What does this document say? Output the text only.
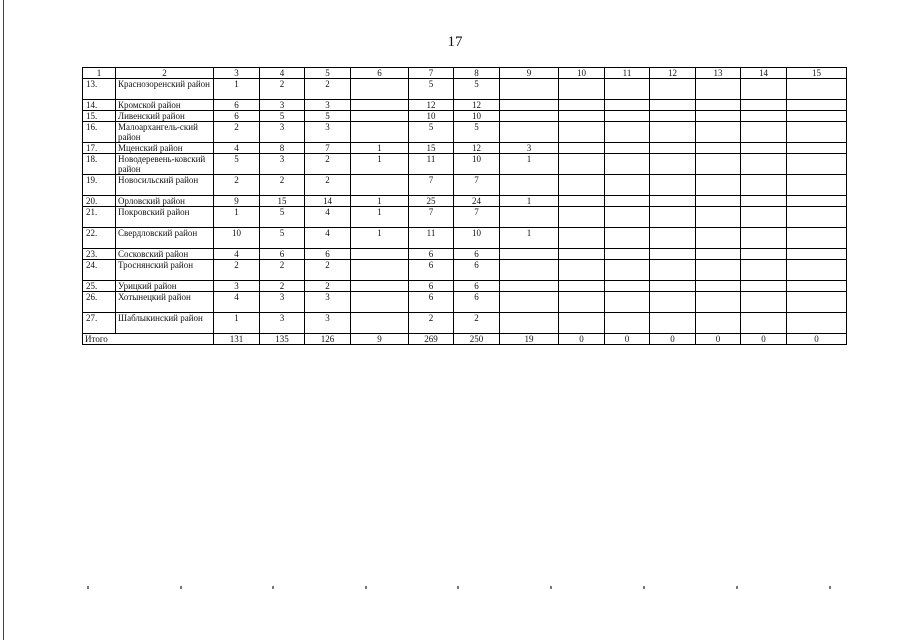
17
1	2	3	4	5	6	7	8	9	10	11	12	13	14	15
13.	Краснозоренский район	1	2	2		5	5							
14.	Кромской район	6	3	3		12	12							
15.	Ливенский район	6	5	5		10	10							
16.	Малоархангель-ский район	2	3	3		5	5							
17.	Мценский район	4	8	7	1	15	12	3						
18.	Новодеревень-ковский район	5	3	2	1	11	10	1						
19.	Новосильский район	2	2	2		7	7							
20.	Орловский район	9	15	14	1	25	24	1						
21.	Покровский район	1	5	4	1	7	7							
22.	Свердловский район	10	5	4	1	11	10	1						
23.	Сосковский район	4	6	6		6	6							
24.	Троснянский район	2	2	2		6	6							
25.	Урицкий район	3	2	2		6	6							
26.	Хотынецкий район	4	3	3		6	6							
27.	Шаблыкинский район	1	3	3		2	2							
Итого		131	135	126	9	269	250	19	0	0	0	0	0	0
